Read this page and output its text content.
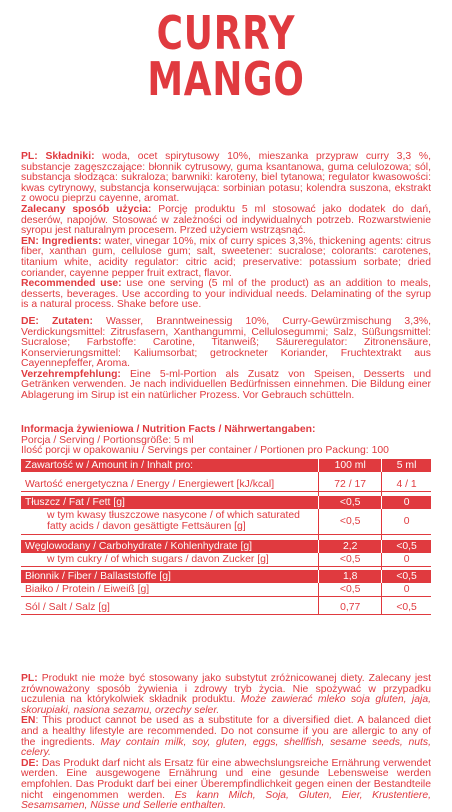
CURRY
MANGO

PL: Składniki: woda, ocet spirytusowy 10%, mieszanka przypraw curry 3,3 %, substancje zagęszczające: błonnik cytrusowy, guma ksantanowa, guma celulozowa; sól, substancja słodząca: sukraloza; barwniki: karoteny, biel tytanowa; regulator kwasowości: kwas cytrynowy, substancja konserwująca: sorbinian potasu; kolendra suszona, ekstrakt z owocu pieprzu cayenne, aromat.

Zalecany sposób użycia: Porcję produktu 5 ml stosować jako dodatek do dań, deserów, napojów. Stosować w zależności od indywidualnych potrzeb. Rozwarstwienie syropu jest naturalnym procesem. Przed użyciem wstrząsnąć.

EN: Ingredients: water, vinegar 10%, mix of curry spices 3,3%, thickening agents: citrus fiber, xanthan gum, cellulose gum; salt, sweetener: sucralose; colorants: carotenes, titanium white, acidity regulator: citric acid; preservative: potassium sorbate; dried coriander, cayenne pepper fruit extract, flavor.

Recommended use: use one serving (5 ml of the product) as an addition to meals, desserts, beverages. Use according to your individual needs. Delaminating of the syrup is a natural process. Shake before use.

DE: Zutaten: Wasser, Branntweinessig 10%, Curry-Gewürzmischung 3,3%, Verdickungsmittel: Zitrusfasern, Xanthangummi, Cellulosegummi; Salz, Süßungsmittel: Sucralose; Farbstoffe: Carotine, Titanweiß; Säureregulator: Zitronensäure, Konservierungsmittel: Kaliumsorbat; getrockneter Koriander, Fruchtextrakt aus Cayennepfeffer, Aroma.

Verzehrempfehlung: Eine 5-ml-Portion als Zusatz von Speisen, Desserts und Getränken verwenden. Je nach individuellen Bedürfnissen einnehmen. Die Bildung einer Ablagerung im Sirup ist ein natürlicher Prozess. Vor Gebrauch schütteln.

Informacja żywieniowa / Nutrition Facts / Nährwertangaben:
Porcja / Serving / Portionsgröße: 5 ml
Ilość porcji w opakowaniu / Servings per container / Portionen pro Packung: 100
Zawartość w / Amount in / Inhalt pro:	100 ml	5 ml

Wartość energetyczna / Energy / Energiewert [kJ/kcal]	72 / 17	4 / 1

Tłuszcz / Fat / Fett [g]	<0,5	0
w tym kwasy tłuszczowe nasycone / of which saturated fatty acids / davon gesättigte Fettsäuren [g]	<0,5	0

Węglowodany / Carbohydrate / Kohlenhydrate [g]	2,2	<0,5
w tym cukry / of which sugars / davon Zucker [g]	<0,5	0

Błonnik / Fiber / Ballaststoffe [g]	1,8	<0,5
Białko / Protein / Eiweiß [g]	<0,5	0

Sól / Salt / Salz [g]	0,77	<0,5

PL: Produkt nie może być stosowany jako substytut zróżnicowanej diety. Zalecany jest zrównoważony sposób żywienia i zdrowy tryb życia. Nie spożywać w przypadku uczulenia na którykolwiek składnik produktu. Może zawierać mleko soja gluten, jaja, skorupiaki, nasiona sezamu, orzechy seler.

EN: This product cannot be used as a substitute for a diversified diet. A balanced diet and a healthy lifestyle are recommended. Do not consume if you are allergic to any of the ingredients. May contain milk, soy, gluten, eggs, shellfish, sesame seeds, nuts, celery.

DE: Das Produkt darf nicht als Ersatz für eine abwechslungsreiche Ernährung verwendet werden. Eine ausgewogene Ernährung und eine gesunde Lebensweise werden empfohlen. Das Produkt darf bei einer Überempfindlichkeit gegen einen der Bestandteile nicht eingenommen werden. Es kann Milch, Soja, Gluten, Eier, Krustentiere, Sesamsamen, Nüsse und Sellerie enthalten.
